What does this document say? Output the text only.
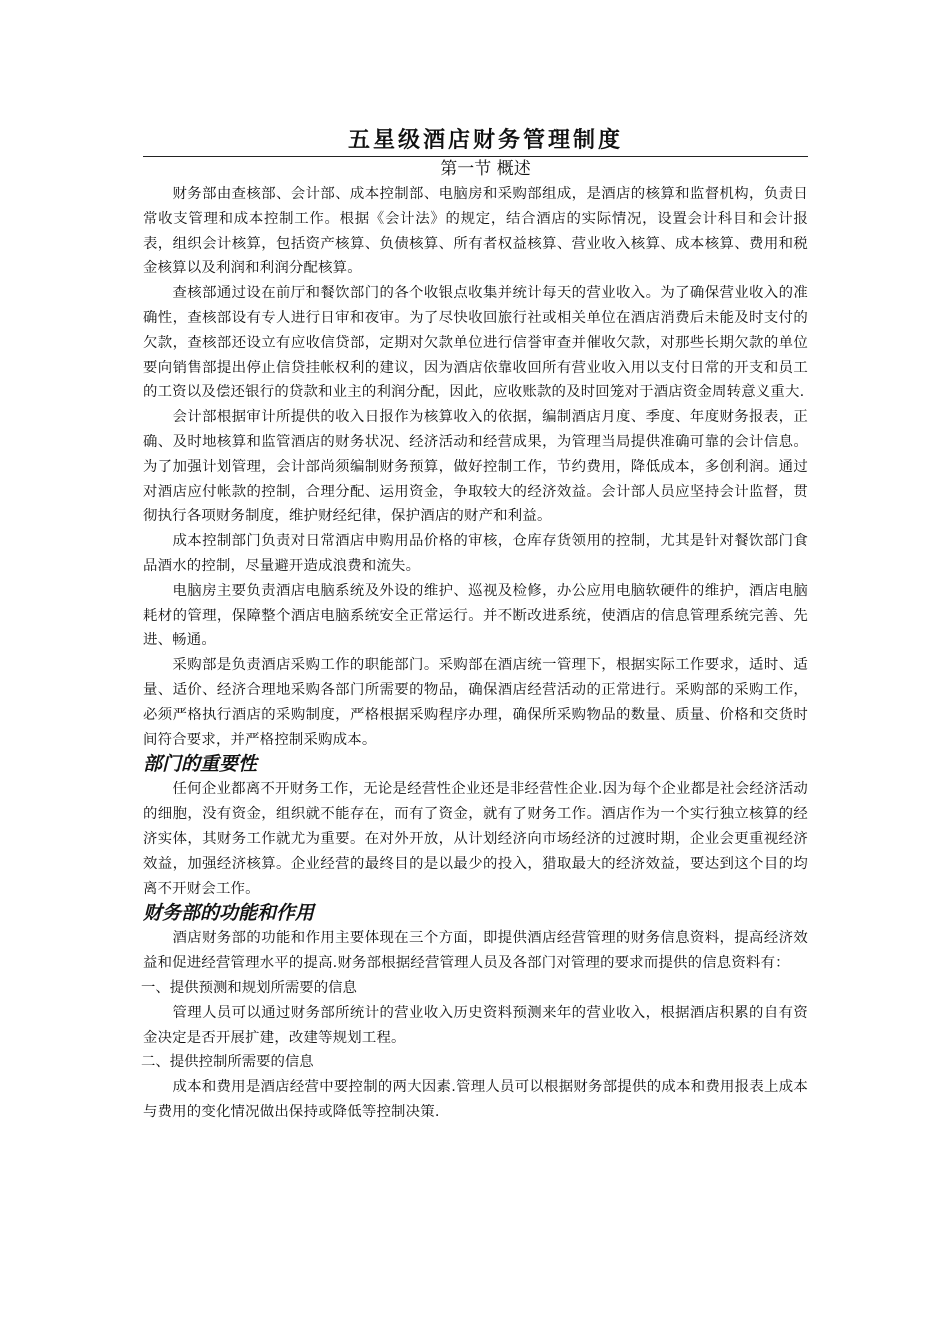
五星级酒店财务管理制度
第一节 概述

财务部由查核部、会计部、成本控制部、电脑房和采购部组成，是酒店的核算和监督机构，负责日常收支管理和成本控制工作。根据《会计法》的规定，结合酒店的实际情况，设置会计科目和会计报表，组织会计核算，包括资产核算、负债核算、所有者权益核算、营业收入核算、成本核算、费用和税金核算以及利润和利润分配核算。

查核部通过设在前厅和餐饮部门的各个收银点收集并统计每天的营业收入。为了确保营业收入的准确性，查核部设有专人进行日审和夜审。为了尽快收回旅行社或相关单位在酒店消费后未能及时支付的欠款，查核部还设立有应收信贷部，定期对欠款单位进行信誉审查并催收欠款，对那些长期欠款的单位要向销售部提出停止信贷挂帐权利的建议，因为酒店依靠收回所有营业收入用以支付日常的开支和员工的工资以及偿还银行的贷款和业主的利润分配，因此，应收账款的及时回笼对于酒店资金周转意义重大.

会计部根据审计所提供的收入日报作为核算收入的依据，编制酒店月度、季度、年度财务报表，正确、及时地核算和监管酒店的财务状况、经济活动和经营成果，为管理当局提供准确可靠的会计信息。为了加强计划管理，会计部尚须编制财务预算，做好控制工作，节约费用，降低成本，多创利润。通过对酒店应付帐款的控制，合理分配、运用资金，争取较大的经济效益。会计部人员应坚持会计监督，贯彻执行各项财务制度，维护财经纪律，保护酒店的财产和利益。

成本控制部门负责对日常酒店申购用品价格的审核，仓库存货领用的控制，尤其是针对餐饮部门食品酒水的控制，尽量避开造成浪费和流失。

电脑房主要负责酒店电脑系统及外设的维护、巡视及检修，办公应用电脑软硬件的维护，酒店电脑耗材的管理，保障整个酒店电脑系统安全正常运行。并不断改进系统，使酒店的信息管理系统完善、先进、畅通。

采购部是负责酒店采购工作的职能部门。采购部在酒店统一管理下，根据实际工作要求，适时、适量、适价、经济合理地采购各部门所需要的物品，确保酒店经营活动的正常进行。采购部的采购工作，必须严格执行酒店的采购制度，严格根据采购程序办理，确保所采购物品的数量、质量、价格和交货时间符合要求，并严格控制采购成本。

部门的重要性

任何企业都离不开财务工作，无论是经营性企业还是非经营性企业.因为每个企业都是社会经济活动的细胞，没有资金，组织就不能存在，而有了资金，就有了财务工作。酒店作为一个实行独立核算的经济实体，其财务工作就尤为重要。在对外开放，从计划经济向市场经济的过渡时期，企业会更重视经济效益，加强经济核算。企业经营的最终目的是以最少的投入，猎取最大的经济效益，要达到这个目的均离不开财会工作。

财务部的功能和作用

酒店财务部的功能和作用主要体现在三个方面，即提供酒店经营管理的财务信息资料，提高经济效益和促进经营管理水平的提高.财务部根据经营管理人员及各部门对管理的要求而提供的信息资料有：

一、提供预测和规划所需要的信息

管理人员可以通过财务部所统计的营业收入历史资料预测来年的营业收入，根据酒店积累的自有资金决定是否开展扩建，改建等规划工程。

二、提供控制所需要的信息

成本和费用是酒店经营中要控制的两大因素.管理人员可以根据财务部提供的成本和费用报表上成本与费用的变化情况做出保持或降低等控制决策.
